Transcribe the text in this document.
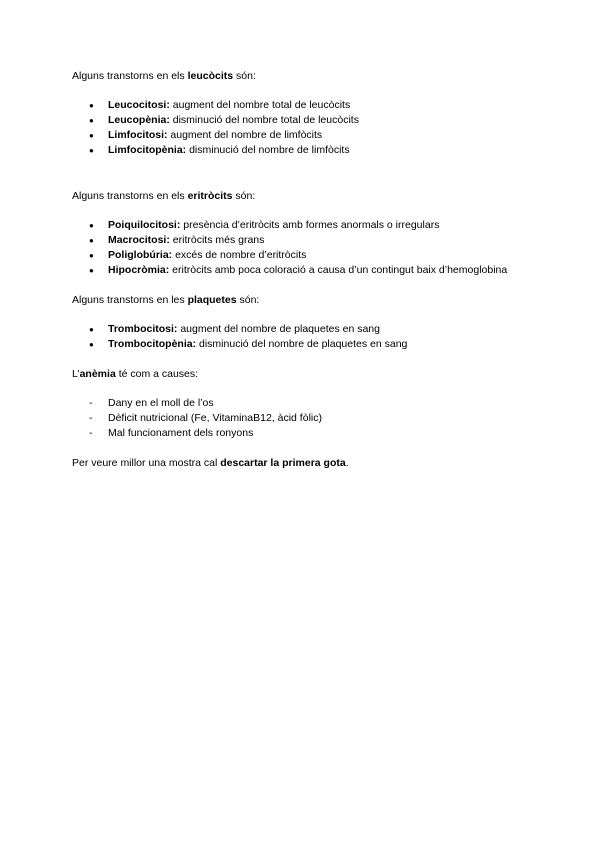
Alguns transtorns en els leucòcits són:

●
Leucocitosi: augment del nombre total de leucòcits
●
Leucopènia: disminució del nombre total de leucòcits
●
Limfocitosi: augment del nombre de limfòcits
●
Limfocitopènia: disminució del nombre de limfòcits

Alguns transtorns en els eritròcits són:

●
Poiquilocitosi: presència d’eritròcits amb formes anormals o irregulars
●
Macrocitosi: eritròcits més grans
●
Poliglobúria: excés de nombre d’eritròcits
●
Hipocròmia: eritròcits amb poca coloració a causa d’un contingut baix d’hemoglobina

Alguns transtorns en les plaquetes són:

●
Trombocitosi: augment del nombre de plaquetes en sang
●
Trombocitopènia: disminució del nombre de plaquetes en sang

L’anèmia té com a causes:

-
Dany en el moll de l’os
-
Dèficit nutricional (Fe, VitaminaB12, àcid fòlic)
-
Mal funcionament dels ronyons

Per veure millor una mostra cal descartar la primera gota.
